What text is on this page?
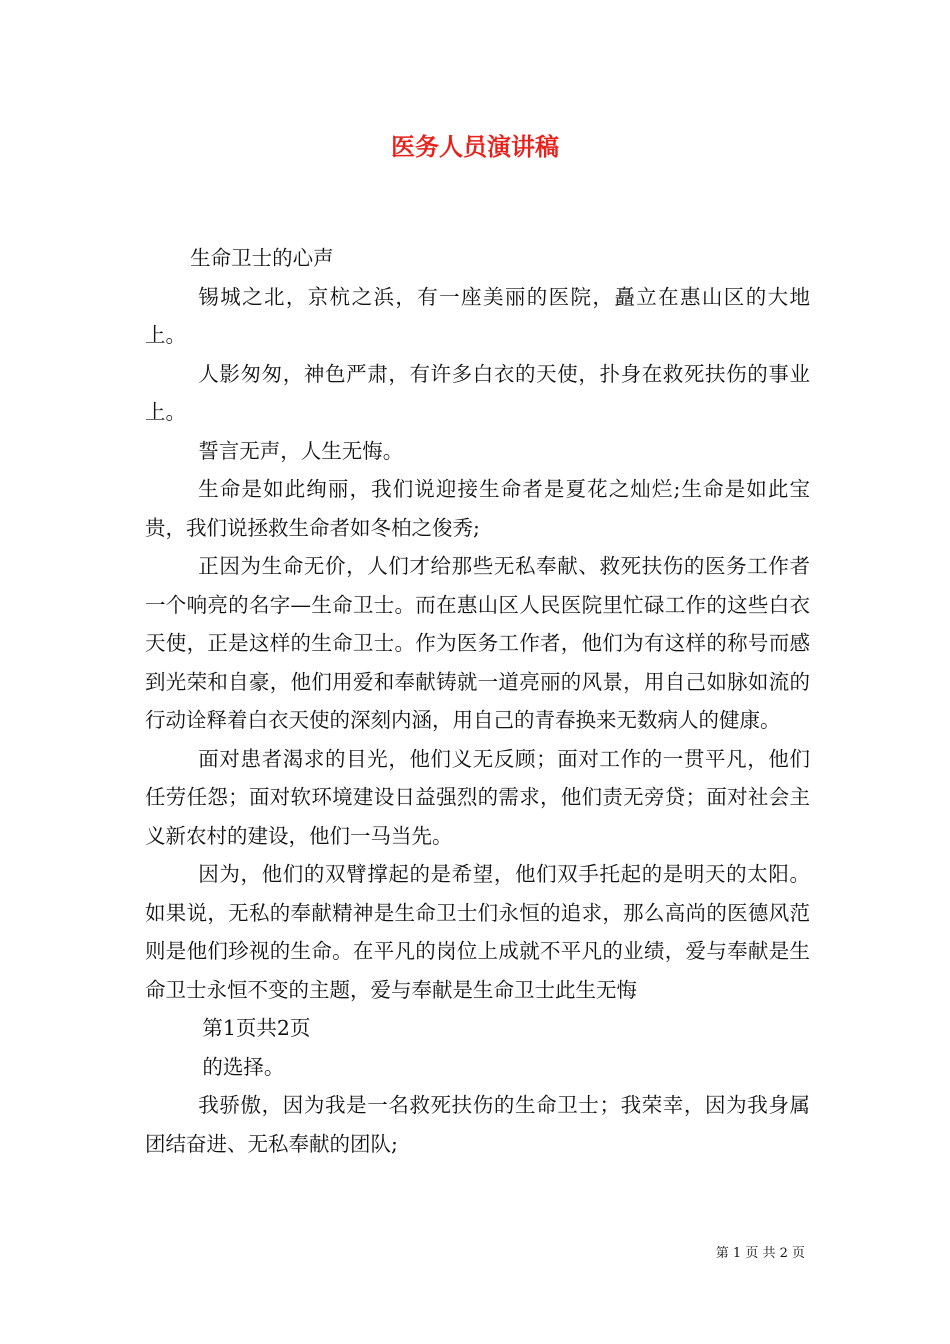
医务人员演讲稿

生命卫士的心声

锡城之北，京杭之浜，有一座美丽的医院，矗立在惠山区的大地上。

人影匆匆，神色严肃，有许多白衣的天使，扑身在救死扶伤的事业上。

誓言无声，人生无悔。

生命是如此绚丽，我们说迎接生命者是夏花之灿烂;生命是如此宝贵，我们说拯救生命者如冬柏之俊秀;

正因为生命无价，人们才给那些无私奉献、救死扶伤的医务工作者一个响亮的名字—生命卫士。而在惠山区人民医院里忙碌工作的这些白衣天使，正是这样的生命卫士。作为医务工作者，他们为有这样的称号而感到光荣和自豪，他们用爱和奉献铸就一道亮丽的风景，用自己如脉如流的行动诠释着白衣天使的深刻内涵，用自己的青春换来无数病人的健康。

面对患者渴求的目光，他们义无反顾；面对工作的一贯平凡，他们任劳任怨；面对软环境建设日益强烈的需求，他们责无旁贷；面对社会主义新农村的建设，他们一马当先。

因为，他们的双臂撑起的是希望，他们双手托起的是明天的太阳。如果说，无私的奉献精神是生命卫士们永恒的追求，那么高尚的医德风范则是他们珍视的生命。在平凡的岗位上成就不平凡的业绩，爱与奉献是生命卫士永恒不变的主题，爱与奉献是生命卫士此生无悔

第1页共2页

的选择。

我骄傲，因为我是一名救死扶伤的生命卫士；我荣幸，因为我身属团结奋进、无私奉献的团队;

第 1 页 共 2 页
